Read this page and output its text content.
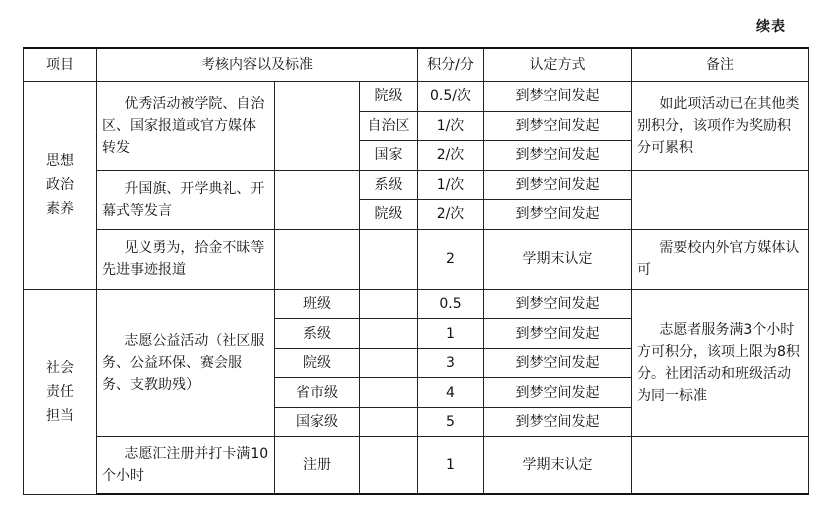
续表
项目	考核内容以及标准			积分/分	认定方式	备注

思想
政治
素养	优秀活动被学院、自治区、国家报道或官方媒体转发		院级	0.5/次	到梦空间发起	如此项活动已在其他类别积分，该项作为奖励积分可累积
			自治区	1/次	到梦空间发起	
			国家	2/次	到梦空间发起	
	升国旗、开学典礼、开幕式等发言		系级	1/次	到梦空间发起	
			院级	2/次	到梦空间发起	
	见义勇为，拾金不昧等先进事迹报道			2	学期末认定	需要校内外官方媒体认可

社会
责任
担当	志愿公益活动（社区服务、公益环保、赛会服务、支教助残）	班级		0.5	到梦空间发起	志愿者服务满3个小时方可积分，该项上限为8积分。社团活动和班级活动为同一标准
		系级		1	到梦空间发起	
		院级		3	到梦空间发起	
		省市级		4	到梦空间发起	
		国家级		5	到梦空间发起	
	志愿汇注册并打卡满10个小时	注册		1	学期末认定	
